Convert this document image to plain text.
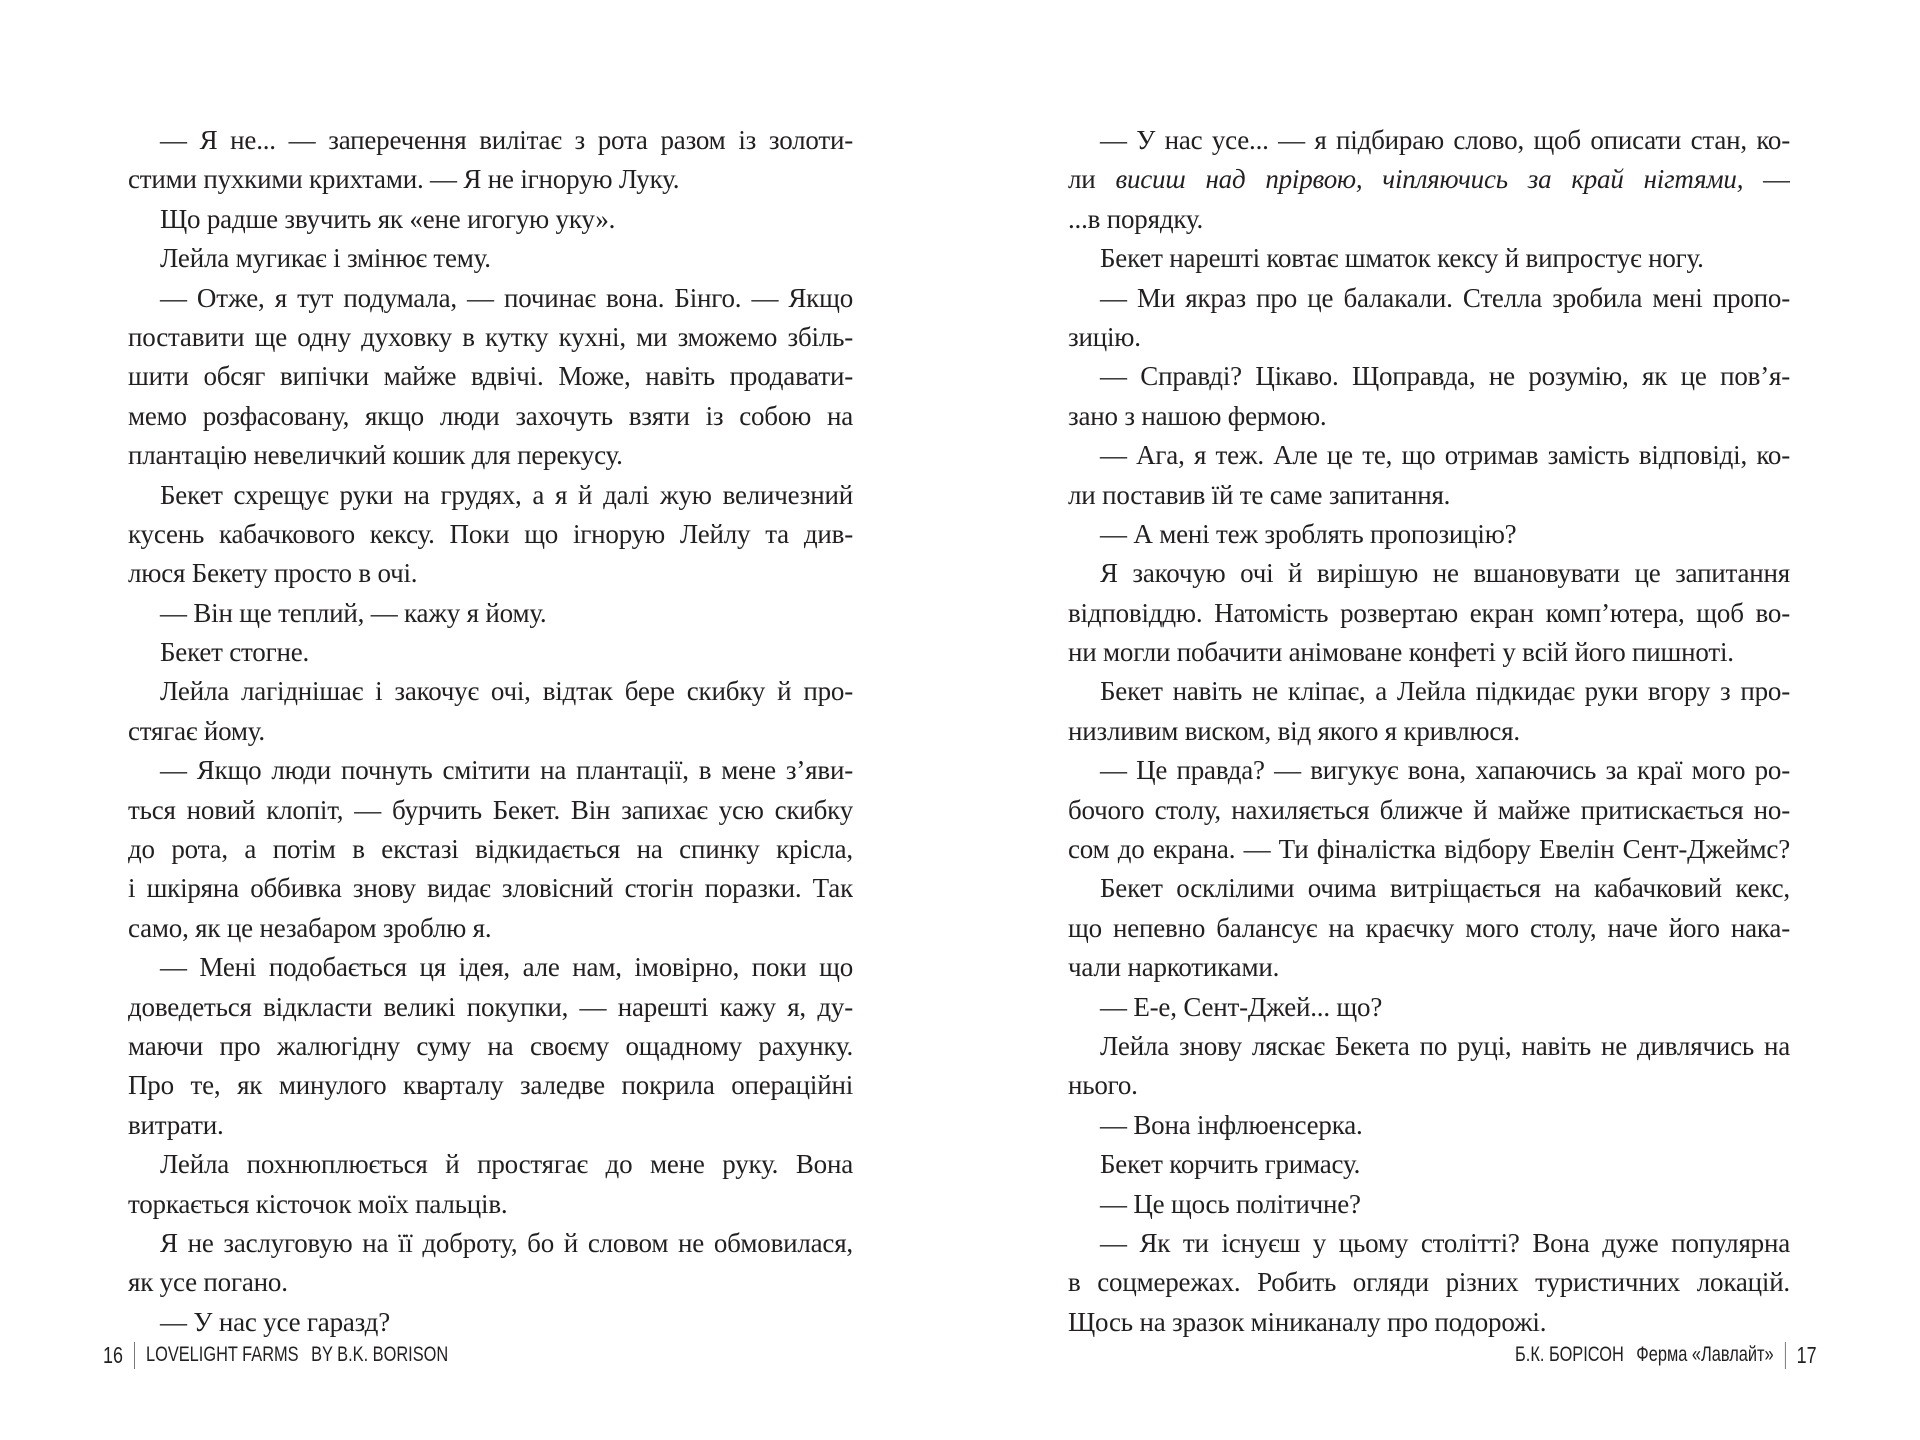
— Я не... — заперечення вилітає з рота разом із золоти-
стими пухкими крихтами. — Я не ігнорую Луку.
Що радше звучить як «ене игогую уку».
Лейла мугикає і змінює тему.
— Отже, я тут подумала, — починає вона. Бінго. — Якщо
поставити ще одну духовку в кутку кухні, ми зможемо збіль-
шити обсяг випічки майже вдвічі. Може, навіть продавати-
мемо розфасовану, якщо люди захочуть взяти із собою на
плантацію невеличкий кошик для перекусу.
Бекет схрещує руки на грудях, а я й далі жую величезний
кусень кабачкового кексу. Поки що ігнорую Лейлу та див-
люся Бекету просто в очі.
— Він ще теплий, — кажу я йому.
Бекет стогне.
Лейла лагіднішає і закочує очі, відтак бере скибку й про-
стягає йому.
— Якщо люди почнуть смітити на плантації, в мене з’яви-
ться новий клопіт, — бурчить Бекет. Він запихає усю скибку
до рота, а потім в екстазі відкидається на спинку крісла,
і шкіряна оббивка знову видає зловісний стогін поразки. Так
само, як це незабаром зроблю я.
— Мені подобається ця ідея, але нам, імовірно, поки що
доведеться відкласти великі покупки, — нарешті кажу я, ду-
маючи про жалюгідну суму на своєму ощадному рахунку.
Про те, як минулого кварталу заледве покрила операційні
витрати.
Лейла похнюплюється й простягає до мене руку. Вона
торкається кісточок моїх пальців.
Я не заслуговую на її доброту, бо й словом не обмовилася,
як усе погано.
— У нас усе гаразд?
16 LOVELIGHT FARMS BY B.K. BORISON
— У нас усе... — я підбираю слово, щоб описати стан, ко-
ли висиш над прірвою, чіпляючись за край нігтями, —
...в порядку.
Бекет нарешті ковтає шматок кексу й випростує ногу.
— Ми якраз про це балакали. Стелла зробила мені пропо-
зицію.
— Справді? Цікаво. Щоправда, не розумію, як це пов’я-
зано з нашою фермою.
— Ага, я теж. Але це те, що отримав замість відповіді, ко-
ли поставив їй те саме запитання.
— А мені теж зроблять пропозицію?
Я закочую очі й вирішую не вшановувати це запитання
відповіддю. Натомість розвертаю екран комп’ютера, щоб во-
ни могли побачити анімоване конфеті у всій його пишноті.
Бекет навіть не кліпає, а Лейла підкидає руки вгору з про-
низливим виском, від якого я кривлюся.
— Це правда? — вигукує вона, хапаючись за краї мого ро-
бочого столу, нахиляється ближче й майже притискається но-
сом до екрана. — Ти фіналістка відбору Евелін Сент-Джеймс?
Бекет осклілими очима витріщається на кабачковий кекс,
що непевно балансує на краєчку мого столу, наче його нака-
чали наркотиками.
— Е-е, Сент-Джей... що?
Лейла знову ляскає Бекета по руці, навіть не дивлячись на
нього.
— Вона інфлюенсерка.
Бекет корчить гримасу.
— Це щось політичне?
— Як ти існуєш у цьому столітті? Вона дуже популярна
в соцмережах. Робить огляди різних туристичних локацій.
Щось на зразок міниканалу про подорожі.
Б.К. БОРІСОН Ферма «Лавлайт» 17
